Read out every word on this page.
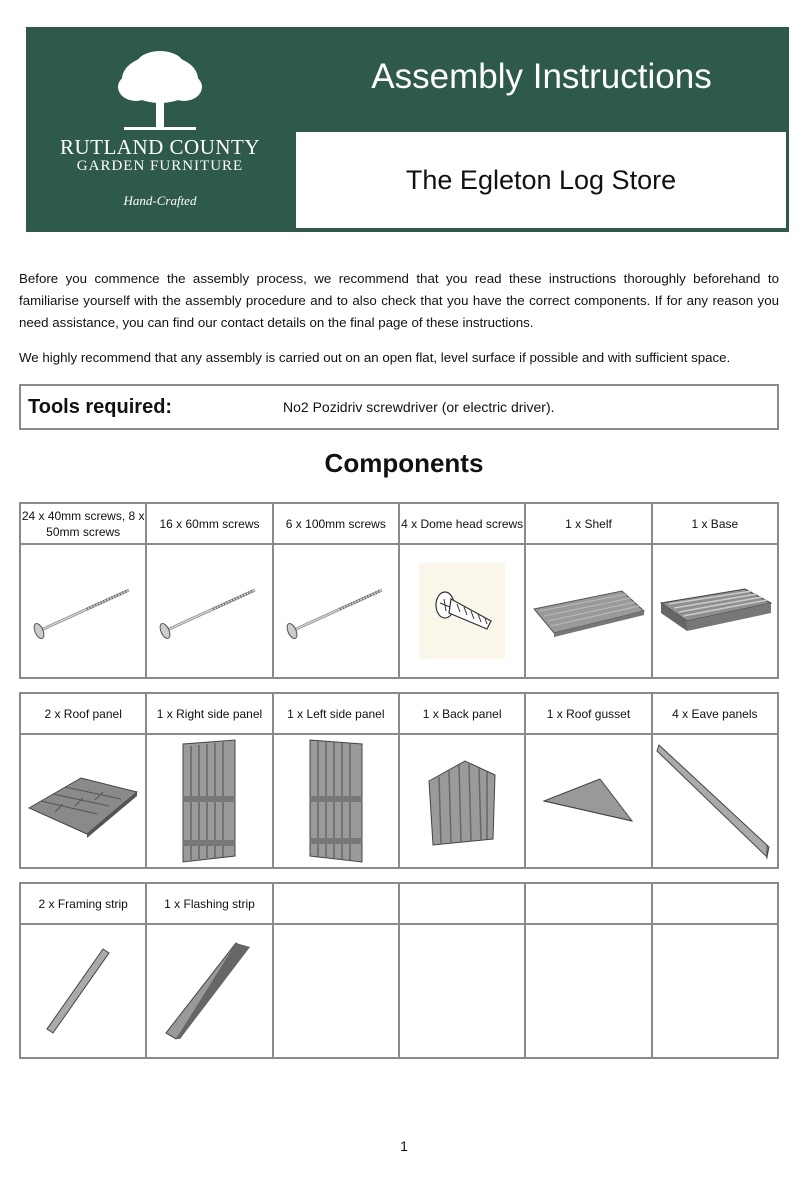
RUTLAND COUNTY
GARDEN FURNITURE
Hand-Crafted
Assembly Instructions
The Egleton Log Store

Before you commence the assembly process, we recommend that you read these instructions thoroughly beforehand to familiarise yourself with the assembly procedure and to also check that you have the correct components. If for any reason you need assistance, you can find our contact details on the final page of these instructions.

We highly recommend that any assembly is carried out on an open flat, level surface if possible and with sufficient space.

Tools required:	No2 Pozidriv screwdriver (or electric driver).
Components
24 x 40mm screws, 8 x 50mm screws	16 x 60mm screws	6 x 100mm screws	4 x Dome head screws	1 x Shelf	1 x Base

2 x Roof panel	1 x Right side panel	1 x Left side panel	1 x Back panel	1 x Roof gusset	4 x Eave panels

2 x Framing strip	1 x Flashing strip				

1
